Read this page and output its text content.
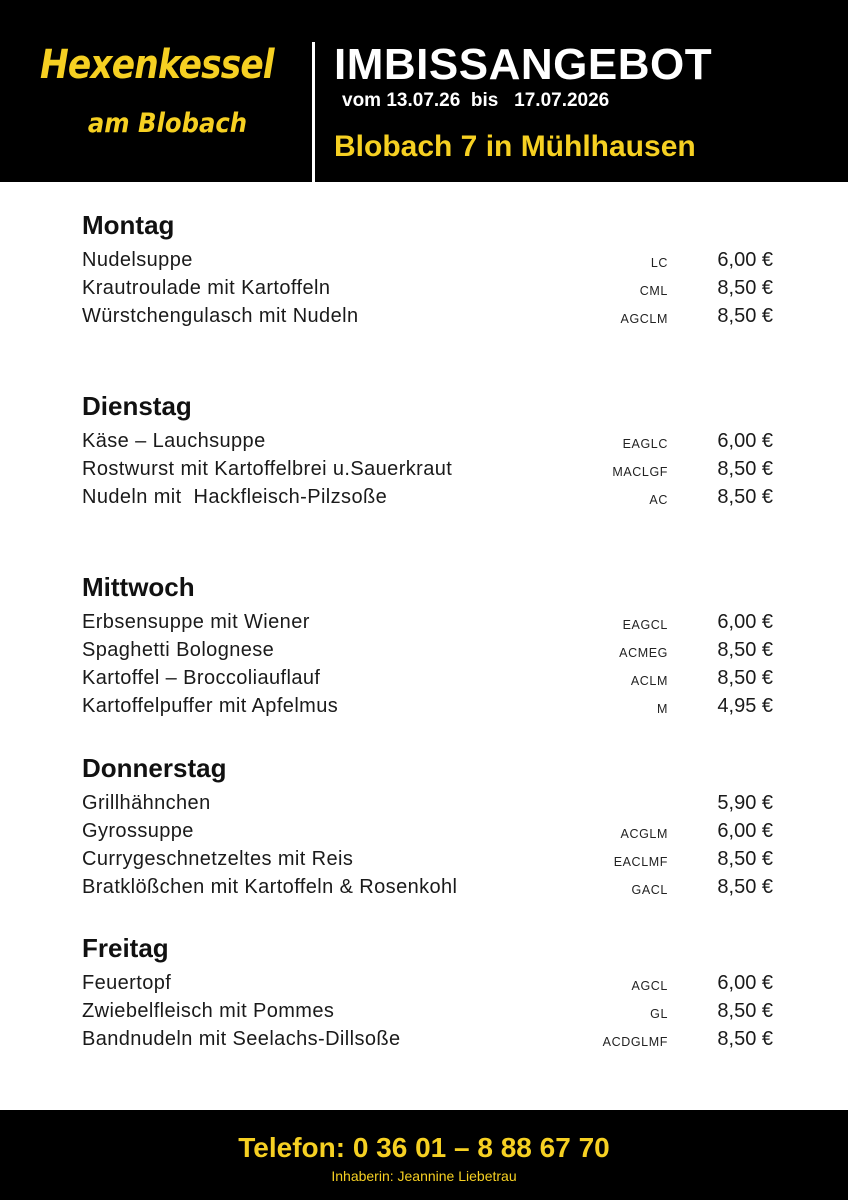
Hexenkessel
am Blobach
IMBISSANGEBOT
vom 13.07.26  bis   17.07.2026
Blobach 7 in Mühlhausen
Montag
Nudelsuppe	LC 6,00 €
Krautroulade mit Kartoffeln	CML 8,50 €
Würstchengulasch mit Nudeln	AGCLM 8,50 €
Dienstag
Käse – Lauchsuppe	EAGLC 6,00 €
Rostwurst mit Kartoffelbrei u.Sauerkraut	MACLGF 8,50 €
Nudeln mit  Hackfleisch-Pilzsoße	AC 8,50 €
Mittwoch
Erbsensuppe mit Wiener	EAGCL 6,00 €
Spaghetti Bolognese	ACMEG 8,50 €
Kartoffel – Broccoliauflauf	ACLM 8,50 €
Kartoffelpuffer mit Apfelmus	M 4,95 €
Donnerstag
Grillhähnchen	5,90 €
Gyrossuppe	ACGLM 6,00 €
Currygeschnetzeltes mit Reis	EACLMF 8,50 €
Bratklößchen mit Kartoffeln & Rosenkohl	GACL 8,50 €
Freitag
Feuertopf	AGCL 6,00 €
Zwiebelfleisch mit Pommes	GL 8,50 €
Bandnudeln mit Seelachs-Dillsoße	ACDGLMF 8,50 €
Telefon: 0 36 01 – 8 88 67 70
Inhaberin: Jeannine Liebetrau
